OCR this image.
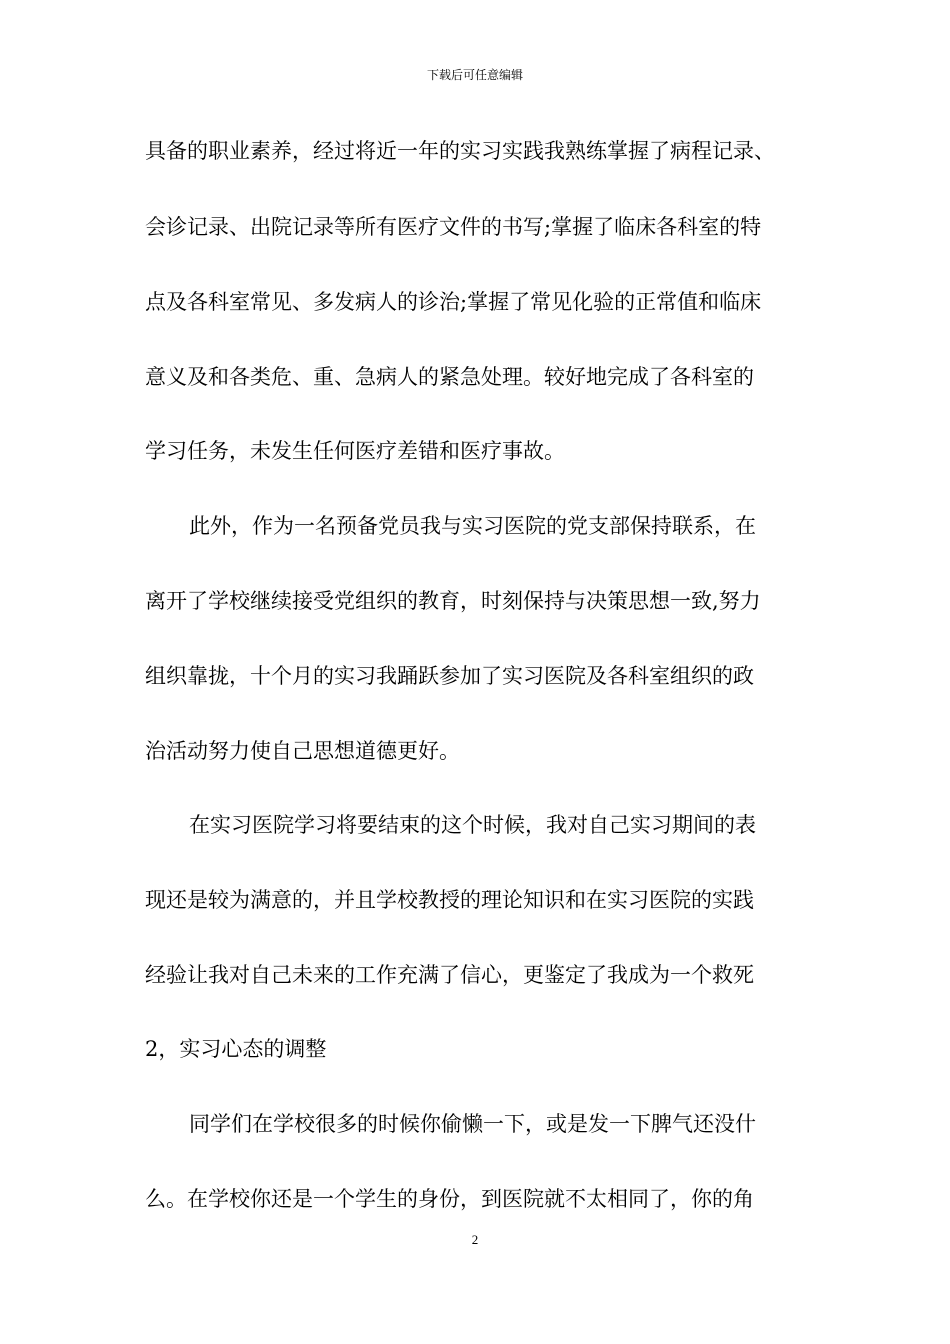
下载后可任意编辑
具备的职业素养，经过将近一年的实习实践我熟练掌握了病程记录、
会诊记录、出院记录等所有医疗文件的书写;掌握了临床各科室的特
点及各科室常见、多发病人的诊治;掌握了常见化验的正常值和临床
意义及和各类危、重、急病人的紧急处理。较好地完成了各科室的
学习任务，未发生任何医疗差错和医疗事故。
此外，作为一名预备党员我与实习医院的党支部保持联系，在
离开了学校继续接受党组织的教育，时刻保持与决策思想一致,努力
组织靠拢，十个月的实习我踊跃参加了实习医院及各科室组织的政
治活动努力使自己思想道德更好。
在实习医院学习将要结束的这个时候，我对自己实习期间的表
现还是较为满意的，并且学校教授的理论知识和在实习医院的实践
经验让我对自己未来的工作充满了信心，更鉴定了我成为一个救死
2，实习心态的调整
同学们在学校很多的时候你偷懒一下，或是发一下脾气还没什
么。在学校你还是一个学生的身份，到医院就不太相同了，你的角
2
